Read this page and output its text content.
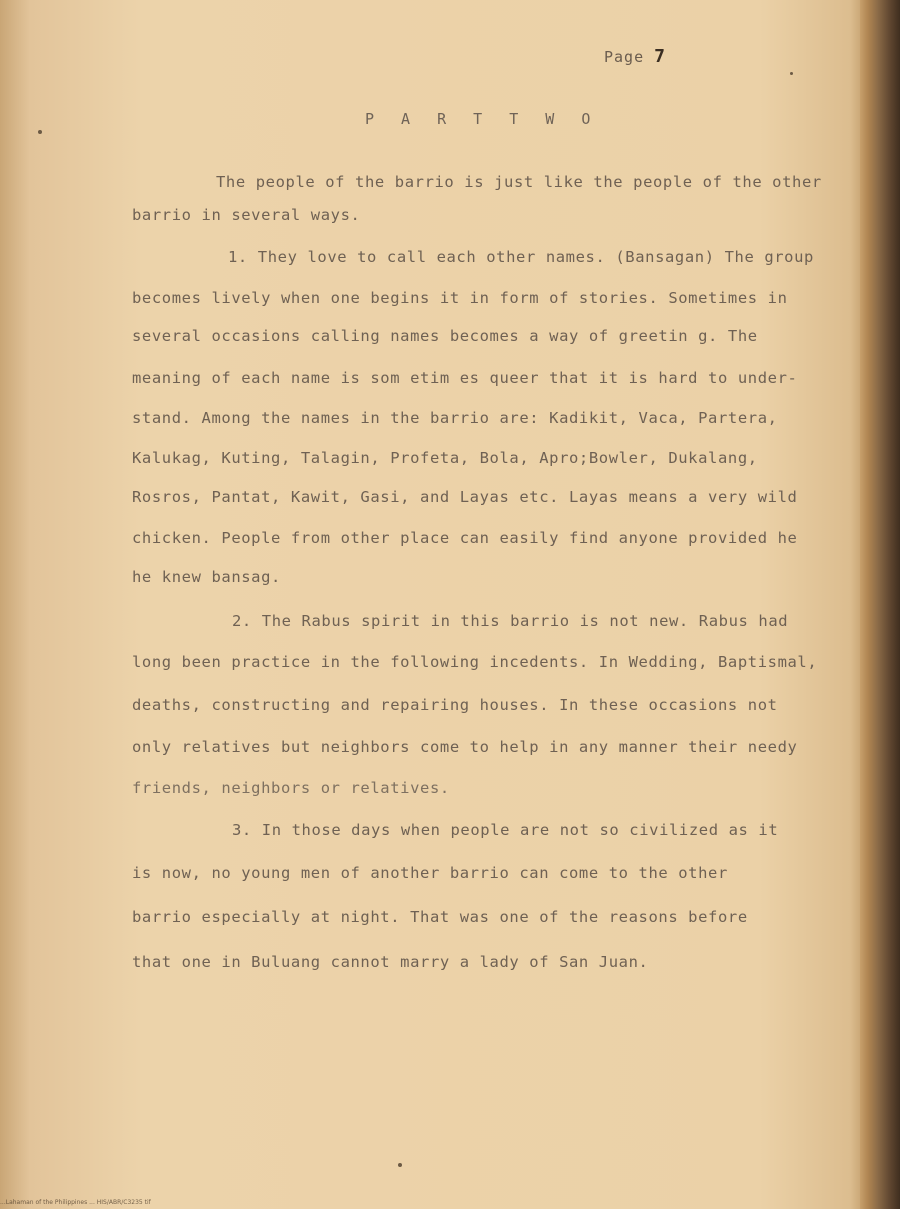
Page 7
P A R T T W O
The people of the barrio is just like the people of the other
barrio in several ways.
1. They love to call each other names. (Bansagan) The group
becomes lively when one begins it in form of stories. Sometimes in
several occasions calling names becomes a way of greetin g. The
meaning of each name is som etim es queer that it is hard to under-
stand. Among the names in the barrio are: Kadikit, Vaca, Partera,
Kalukag, Kuting, Talagin, Profeta, Bola, Apro;Bowler, Dukalang,
Rosros, Pantat, Kawit, Gasi, and Layas etc. Layas means a very wild
chicken. People from other place can easily find anyone provided he
he knew bansag.
2. The Rabus spirit in this barrio is not new. Rabus had
long been practice in the following incedents. In Wedding, Baptismal,
deaths, constructing and repairing houses. In these occasions not
only relatives but neighbors come to help in any manner their needy
friends, neighbors or relatives.
3. In those days when people are not so civilized as it
is now, no young men of another barrio can come to the other
barrio especially at night. That was one of the reasons before
that one in Buluang cannot marry a lady of San Juan.
...Lahaman of the Philippines ... HIS/ABR/C3235 tif
